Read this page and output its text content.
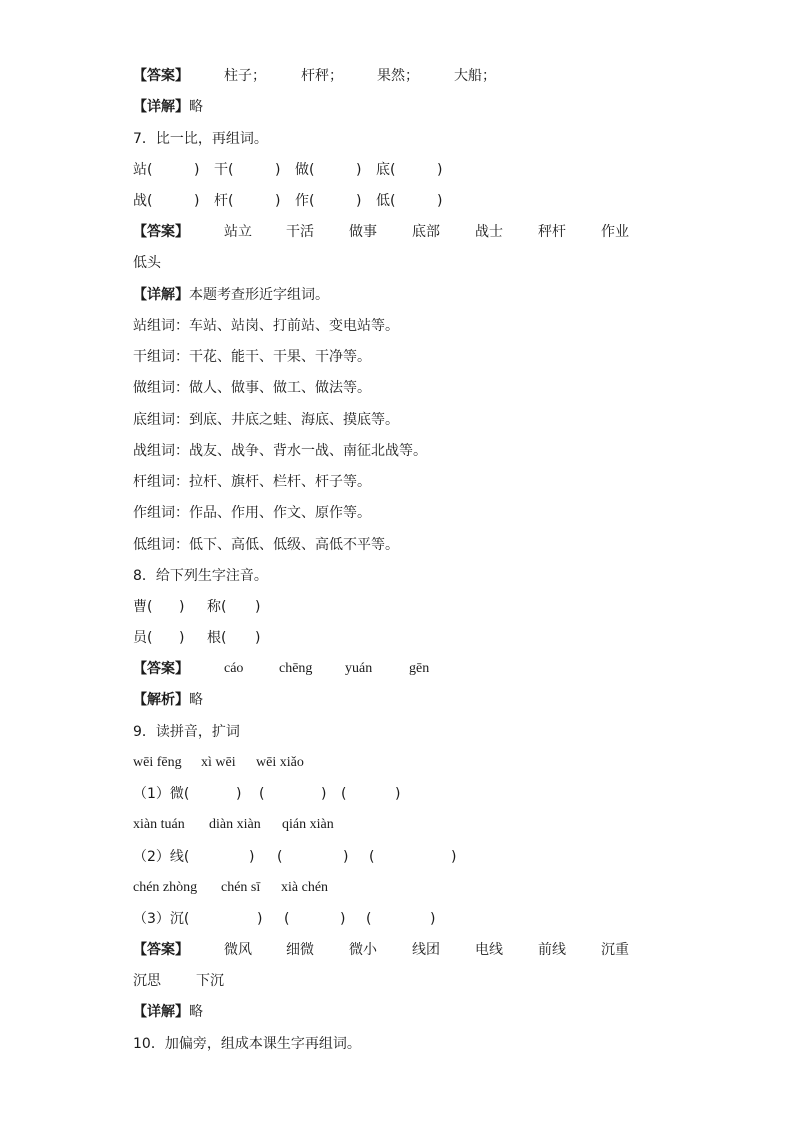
【答案】	柱子；	杆秤； 果然；	大船；
【详解】 略
7．比一比，再组词。
站(	) 干(	) 做(	) 底(	)
战(	) 杆(	) 作(	) 低(	)
【答案】	站立 干活	做事	底部	战士	秤杆	作业
低头
【详解】 本题考查形近字组词。
站组词：车站、站岗、打前站、变电站等。
干组词：干花、能干、干果、干净等。
做组词：做人、做事、做工、做法等。
底组词：到底、井底之蛙、海底、摸底等。
战组词：战友、战争、背水一战、南征北战等。
杆组词：拉杆、旗杆、栏杆、杆子等。
作组词：作品、作用、作文、原作等。
低组词：低下、高低、低级、高低不平等。
8．给下列生字注音。
曹( ) 称( )
员( ) 根( )
【答案】	cáo	chēng yuán	gēn
【解析】 略
9．读拼音，扩词
wēi fēng xì wēi wēi xiǎo
（1）微(	) (	) (	)
xiàn tuán diàn xiàn qián xiàn
（2）线(	) (	) (	)
chén zhòng chén sī xià chén
（3）沉(	) (	) (	)
【答案】	微风 细微	微小	线团	电线	前线	沉重
沉思	下沉
【详解】 略
10．加偏旁，组成本课生字再组词。
